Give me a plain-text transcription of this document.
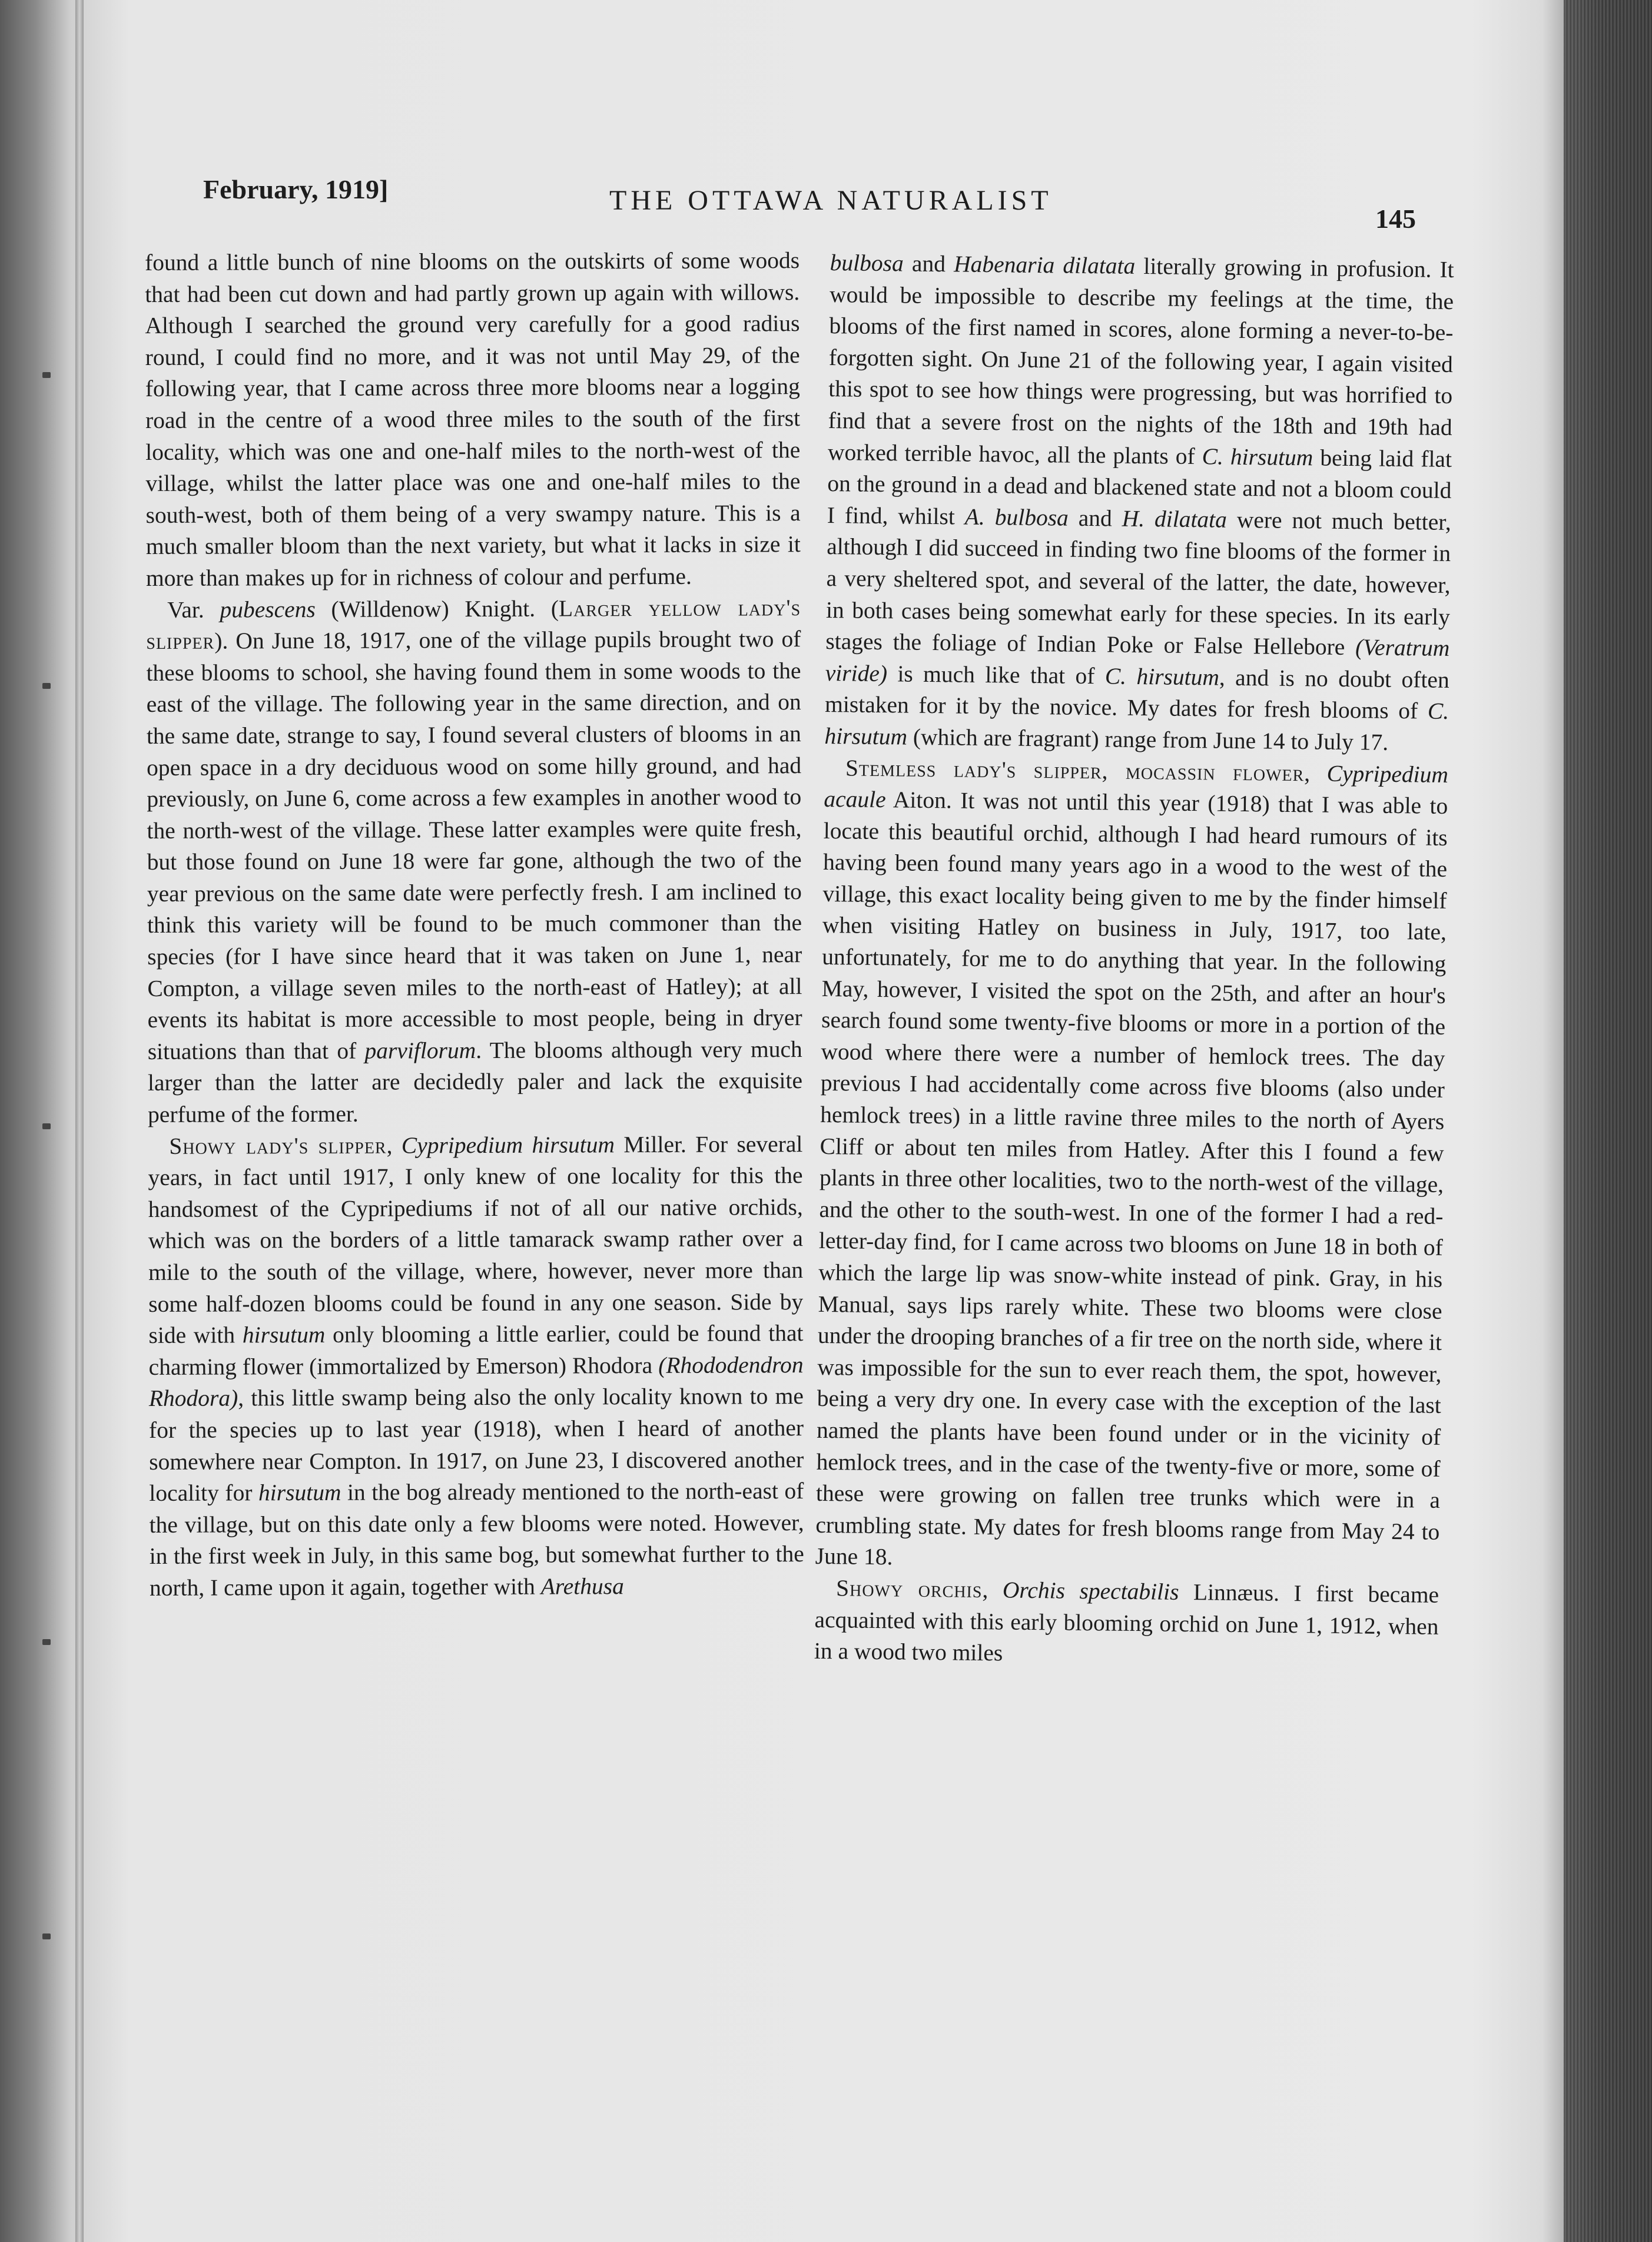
February, 1919]	THE OTTAWA NATURALIST
145

found a little bunch of nine blooms on the outskirts of some woods that had been cut down and had partly grown up again with willows. Although I searched the ground very carefully for a good radius round, I could find no more, and it was not until May 29, of the following year, that I came across three more blooms near a logging road in the centre of a wood three miles to the south of the first locality, which was one and one-half miles to the north-west of the village, whilst the latter place was one and one-half miles to the south-west, both of them being of a very swampy nature. This is a much smaller bloom than the next variety, but what it lacks in size it more than makes up for in richness of colour and perfume.

Var. pubescens (Willdenow) Knight. (Larger yellow lady's slipper). On June 18, 1917, one of the village pupils brought two of these blooms to school, she having found them in some woods to the east of the village. The following year in the same direction, and on the same date, strange to say, I found several clusters of blooms in an open space in a dry deciduous wood on some hilly ground, and had previously, on June 6, come across a few examples in another wood to the north-west of the village. These latter examples were quite fresh, but those found on June 18 were far gone, although the two of the year previous on the same date were perfectly fresh. I am inclined to think this variety will be found to be much commoner than the species (for I have since heard that it was taken on June 1, near Compton, a village seven miles to the north-east of Hatley); at all events its habitat is more accessible to most people, being in dryer situations than that of parviflorum. The blooms although very much larger than the latter are decidedly paler and lack the exquisite perfume of the former.

Showy lady's slipper, Cypripedium hirsutum Miller. For several years, in fact until 1917, I only knew of one locality for this the handsomest of the Cypripediums if not of all our native orchids, which was on the borders of a little tamarack swamp rather over a mile to the south of the village, where, however, never more than some half-dozen blooms could be found in any one season. Side by side with hirsutum only blooming a little earlier, could be found that charming flower (immortalized by Emerson) Rhodora (Rhododendron Rhodora), this little swamp being also the only locality known to me for the species up to last year (1918), when I heard of another somewhere near Compton. In 1917, on June 23, I discovered another locality for hirsutum in the bog already mentioned to the north-east of the village, but on this date only a few blooms were noted. However, in the first week in July, in this same bog, but somewhat further to the north, I came upon it again, together with Arethusa

bulbosa and Habenaria dilatata literally growing in profusion. It would be impossible to describe my feelings at the time, the blooms of the first named in scores, alone forming a never-to-be-forgotten sight. On June 21 of the following year, I again visited this spot to see how things were progressing, but was horrified to find that a severe frost on the nights of the 18th and 19th had worked terrible havoc, all the plants of C. hirsutum being laid flat on the ground in a dead and blackened state and not a bloom could I find, whilst A. bulbosa and H. dilatata were not much better, although I did succeed in finding two fine blooms of the former in a very sheltered spot, and several of the latter, the date, however, in both cases being somewhat early for these species. In its early stages the foliage of Indian Poke or False Hellebore (Veratrum viride) is much like that of C. hirsutum, and is no doubt often mistaken for it by the novice. My dates for fresh blooms of C. hirsutum (which are fragrant) range from June 14 to July 17.

Stemless lady's slipper, mocassin flower, Cypripedium acaule Aiton. It was not until this year (1918) that I was able to locate this beautiful orchid, although I had heard rumours of its having been found many years ago in a wood to the west of the village, this exact locality being given to me by the finder himself when visiting Hatley on business in July, 1917, too late, unfortunately, for me to do anything that year. In the following May, however, I visited the spot on the 25th, and after an hour's search found some twenty-five blooms or more in a portion of the wood where there were a number of hemlock trees. The day previous I had accidentally come across five blooms (also under hemlock trees) in a little ravine three miles to the north of Ayers Cliff or about ten miles from Hatley. After this I found a few plants in three other localities, two to the north-west of the village, and the other to the south-west. In one of the former I had a red-letter-day find, for I came across two blooms on June 18 in both of which the large lip was snow-white instead of pink. Gray, in his Manual, says lips rarely white. These two blooms were close under the drooping branches of a fir tree on the north side, where it was impossible for the sun to ever reach them, the spot, however, being a very dry one. In every case with the exception of the last named the plants have been found under or in the vicinity of hemlock trees, and in the case of the twenty-five or more, some of these were growing on fallen tree trunks which were in a crumbling state. My dates for fresh blooms range from May 24 to June 18.

Showy orchis, Orchis spectabilis Linnæus. I first became acquainted with this early blooming orchid on June 1, 1912, when in a wood two miles
